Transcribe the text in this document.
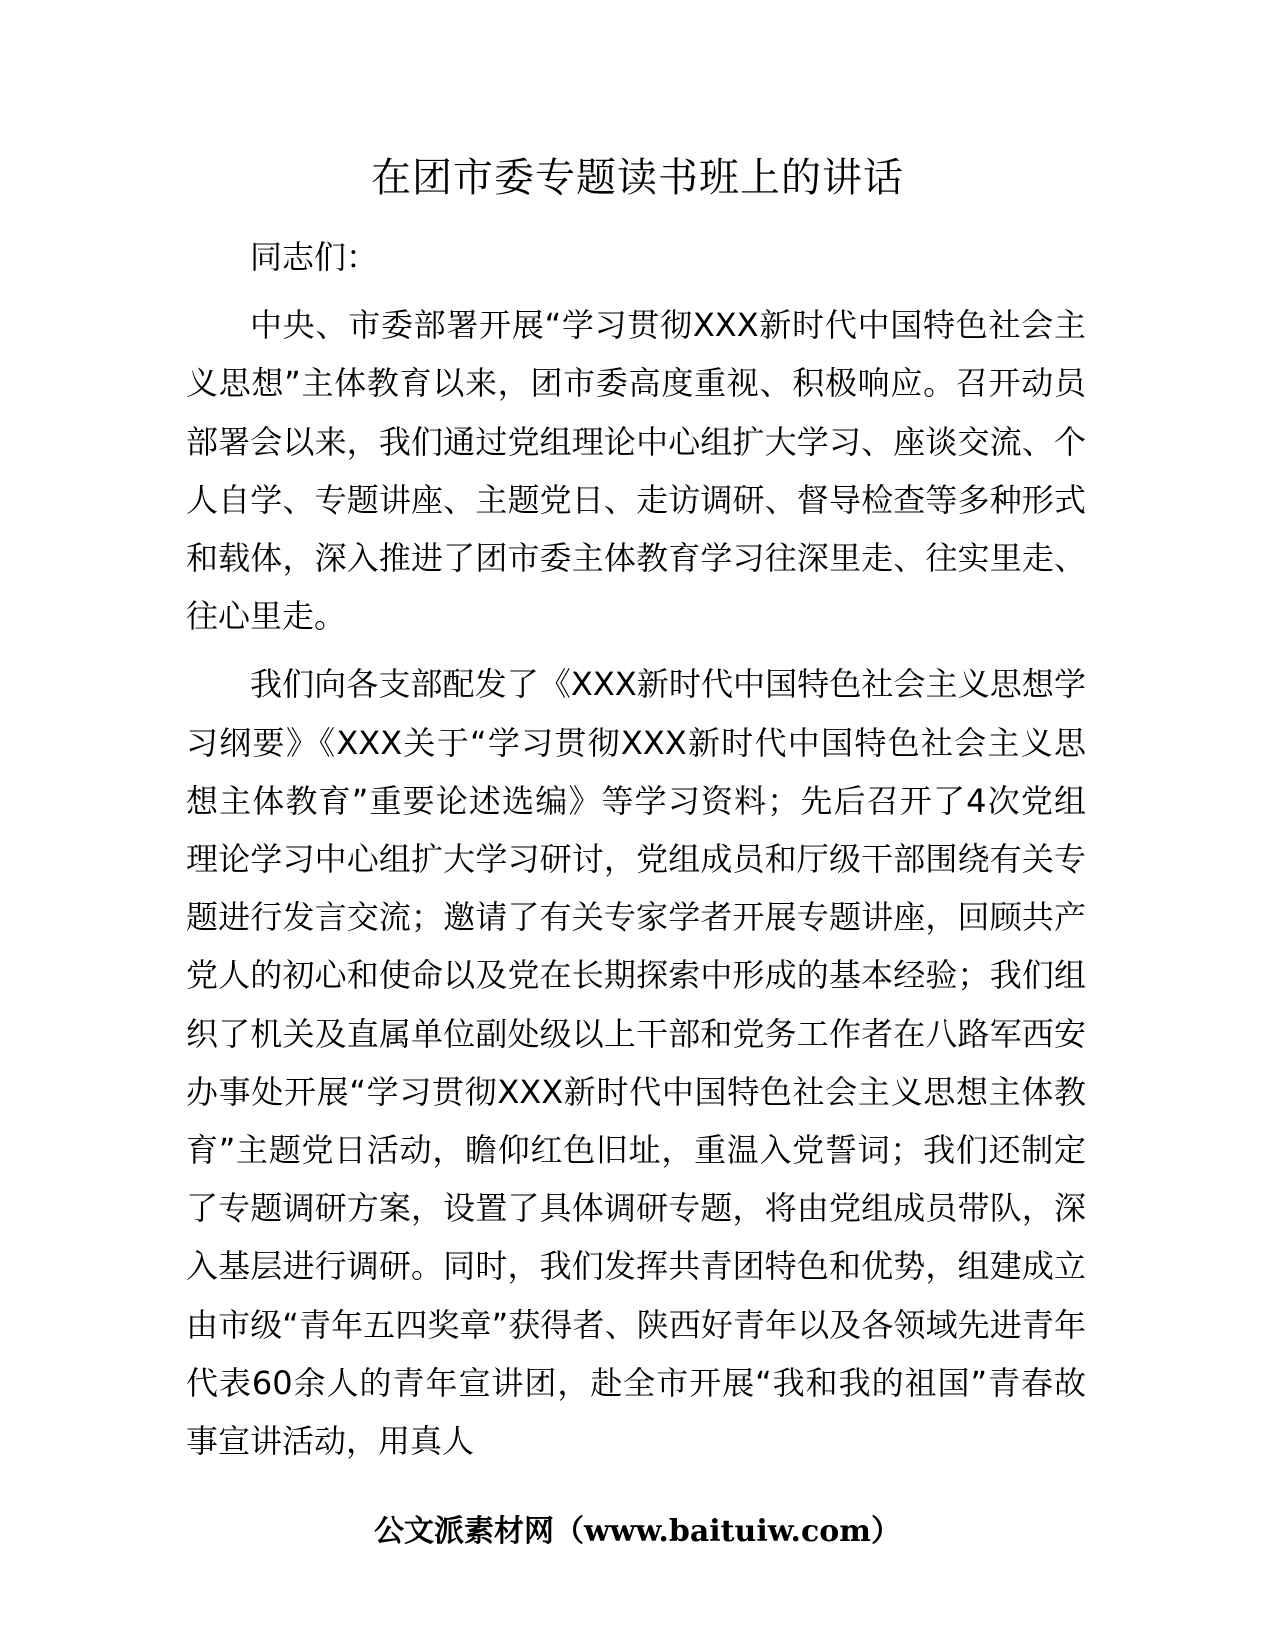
在团市委专题读书班上的讲话

同志们：

中央、市委部署开展“学习贯彻XXX新时代中国特色社会主义思想”主体教育以来，团市委高度重视、积极响应。召开动员部署会以来，我们通过党组理论中心组扩大学习、座谈交流、个人自学、专题讲座、主题党日、走访调研、督导检查等多种形式和载体，深入推进了团市委主体教育学习往深里走、往实里走、往心里走。

我们向各支部配发了《XXX新时代中国特色社会主义思想学习纲要》《XXX关于“学习贯彻XXX新时代中国特色社会主义思想主体教育”重要论述选编》等学习资料；先后召开了4次党组理论学习中心组扩大学习研讨，党组成员和厅级干部围绕有关专题进行发言交流；邀请了有关专家学者开展专题讲座，回顾共产党人的初心和使命以及党在长期探索中形成的基本经验；我们组织了机关及直属单位副处级以上干部和党务工作者在八路军西安办事处开展“学习贯彻XXX新时代中国特色社会主义思想主体教育”主题党日活动，瞻仰红色旧址，重温入党誓词；我们还制定了专题调研方案，设置了具体调研专题，将由党组成员带队，深入基层进行调研。同时，我们发挥共青团特色和优势，组建成立由市级“青年五四奖章”获得者、陕西好青年以及各领域先进青年代表60余人的青年宣讲团，赴全市开展“我和我的祖国”青春故事宣讲活动，用真人

公文派素材网（www.baituiw.com）
